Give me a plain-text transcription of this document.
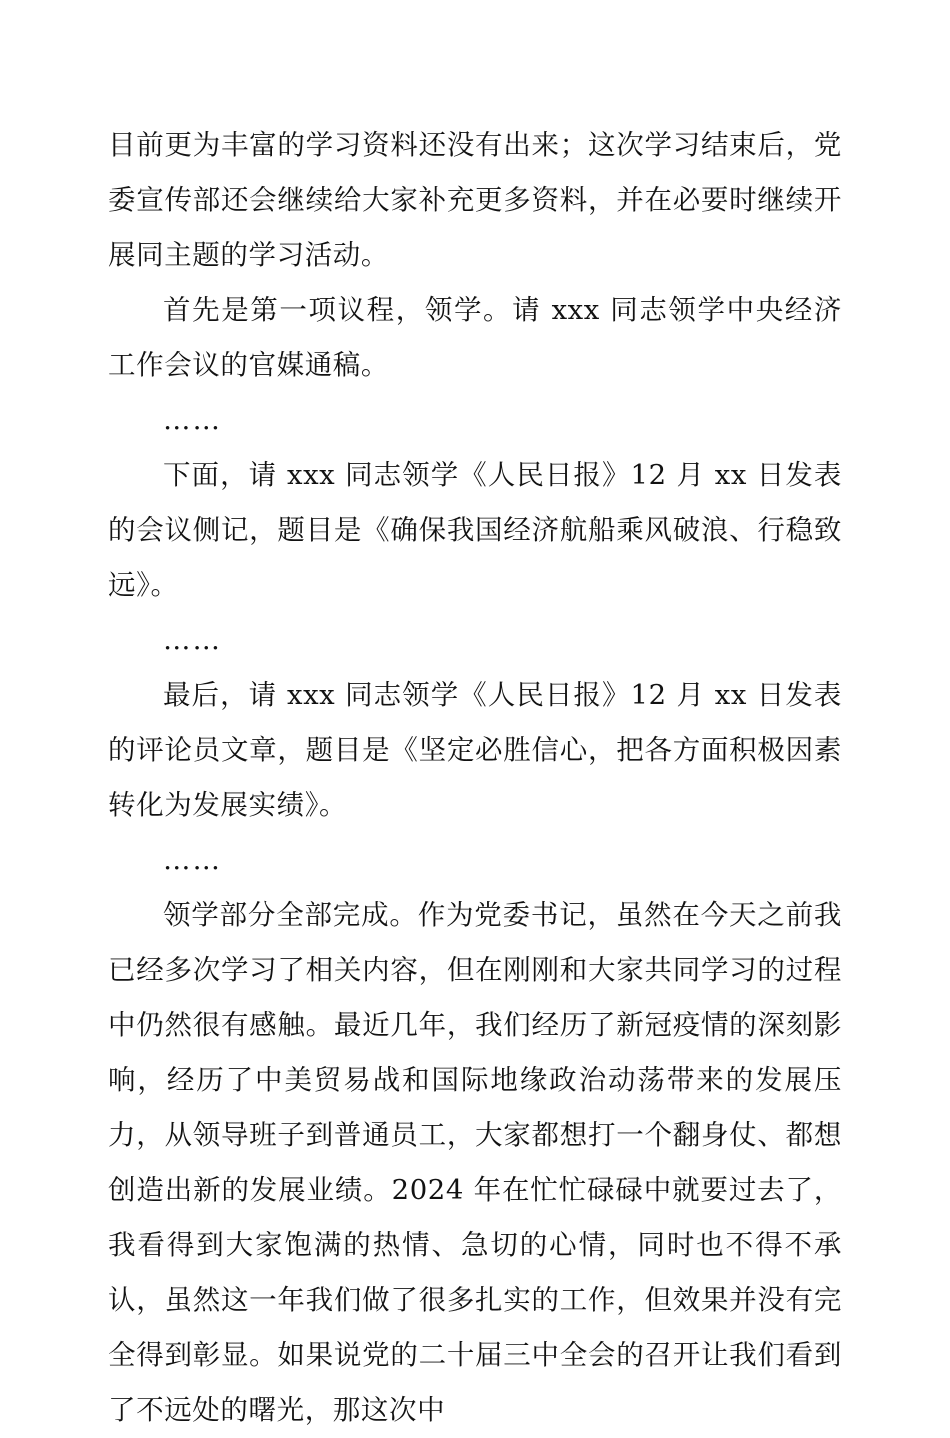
目前更为丰富的学习资料还没有出来；这次学习结束后，党委宣传部还会继续给大家补充更多资料，并在必要时继续开展同主题的学习活动。

首先是第一项议程，领学。请 xxx 同志领学中央经济工作会议的官媒通稿。

……

下面，请 xxx 同志领学《人民日报》12 月 xx 日发表的会议侧记，题目是《确保我国经济航船乘风破浪、行稳致远》。

……

最后，请 xxx 同志领学《人民日报》12 月 xx 日发表的评论员文章，题目是《坚定必胜信心，把各方面积极因素转化为发展实绩》。

……

领学部分全部完成。作为党委书记，虽然在今天之前我已经多次学习了相关内容，但在刚刚和大家共同学习的过程中仍然很有感触。最近几年，我们经历了新冠疫情的深刻影响，经历了中美贸易战和国际地缘政治动荡带来的发展压力，从领导班子到普通员工，大家都想打一个翻身仗、都想创造出新的发展业绩。2024 年在忙忙碌碌中就要过去了，我看得到大家饱满的热情、急切的心情，同时也不得不承认，虽然这一年我们做了很多扎实的工作，但效果并没有完全得到彰显。如果说党的二十届三中全会的召开让我们看到了不远处的曙光，那这次中
